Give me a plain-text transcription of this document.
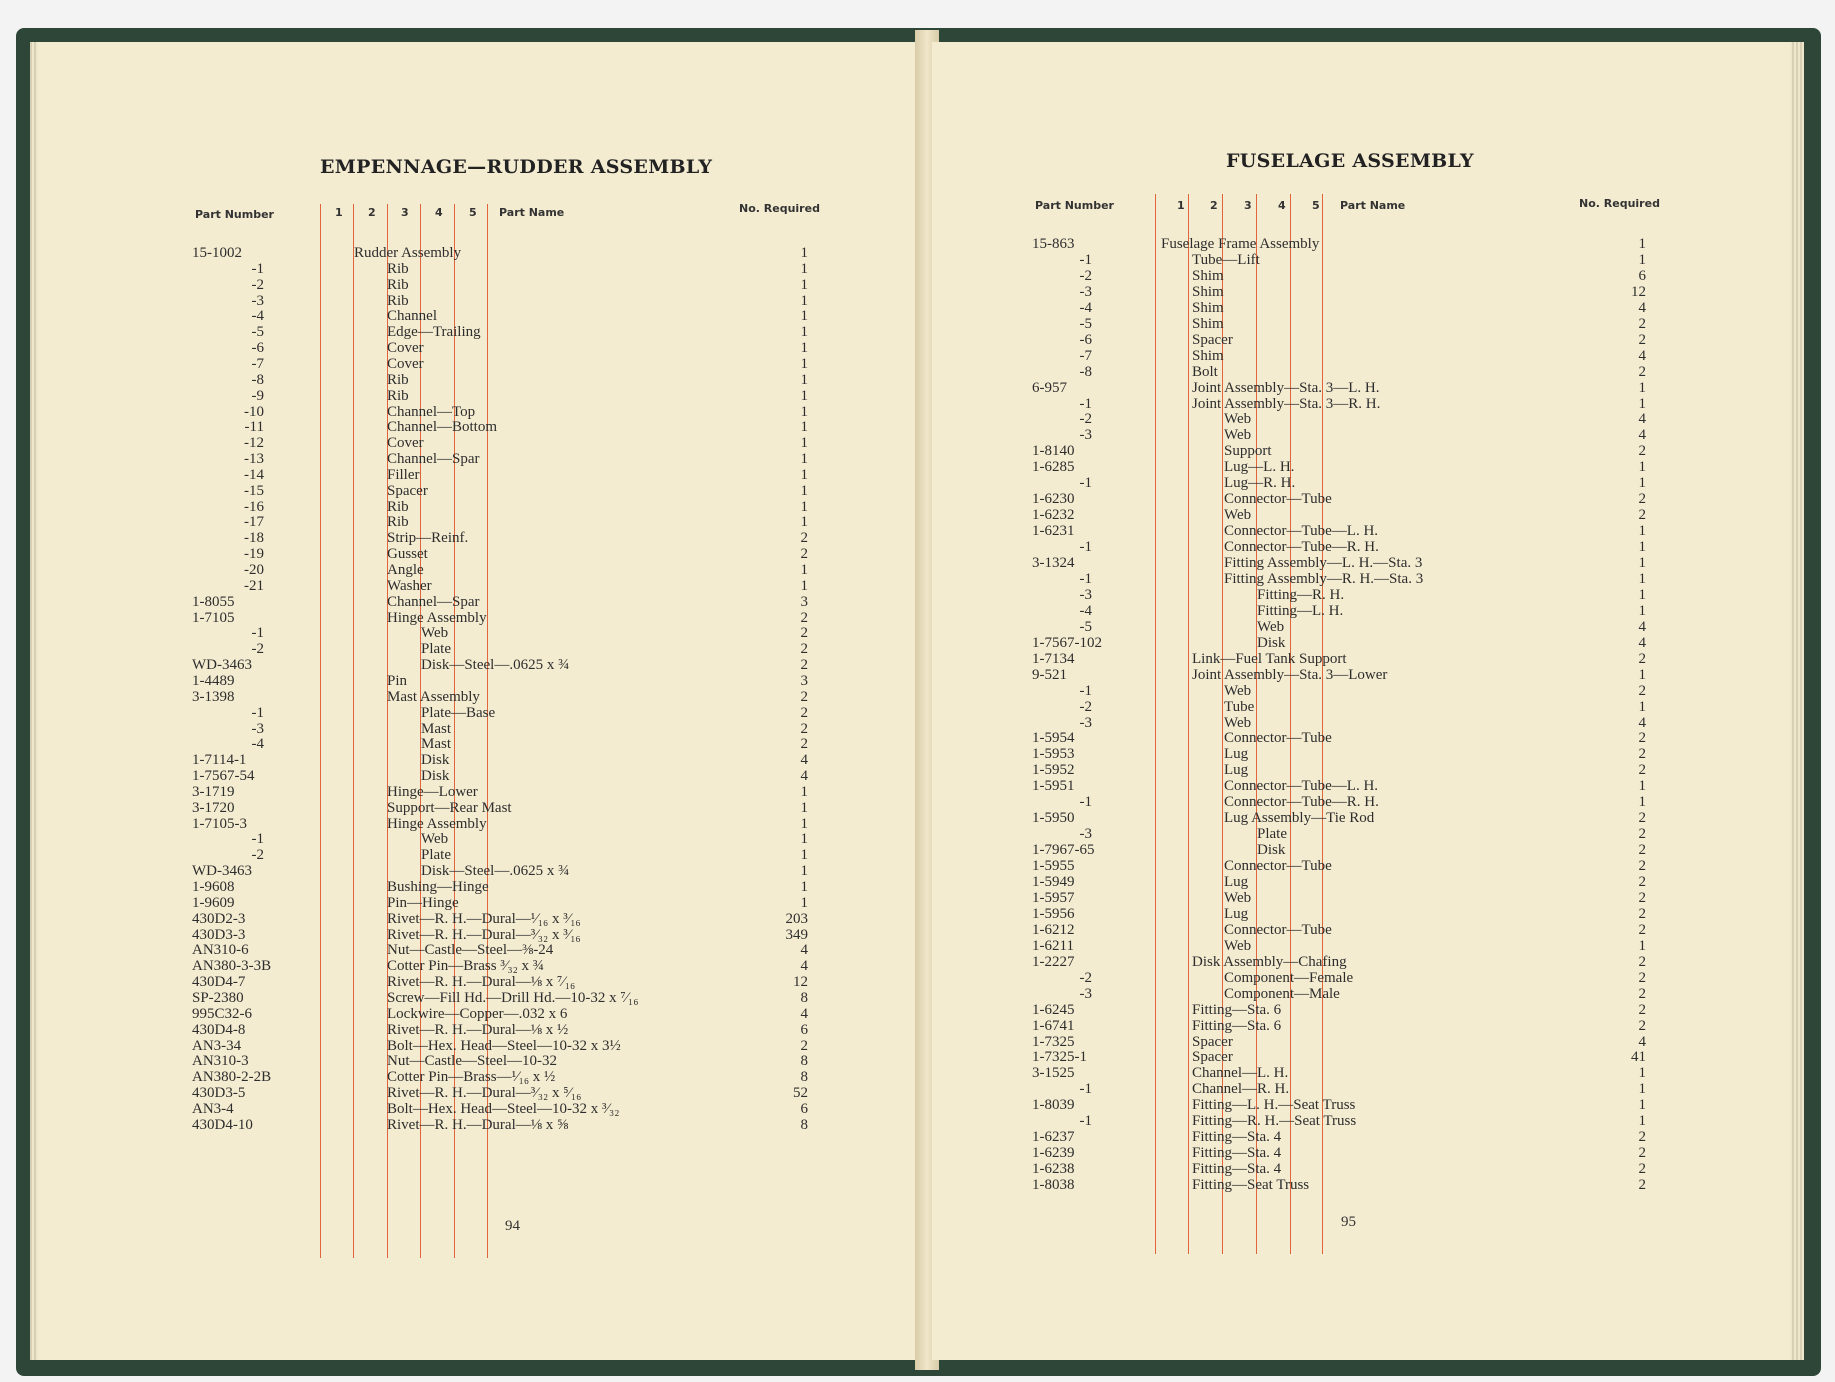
EMPENNAGE—RUDDER ASSEMBLY
Part Number	1 2 3 4 5 Part Name	No. Required
15-1002	Rudder Assembly	1
-1	Rib	1
-2	Rib	1
-3	Rib	1
-4	Channel	1
-5	Edge—Trailing	1
-6	Cover	1
-7	Cover	1
-8	Rib	1
-9	Rib	1
-10	Channel—Top	1
-11	Channel—Bottom	1
-12	Cover	1
-13	Channel—Spar	1
-14	Filler	1
-15	Spacer	1
-16	Rib	1
-17	Rib	1
-18	Strip—Reinf.	2
-19	Gusset	2
-20	Angle	1
-21	Washer	1
1-8055	Channel—Spar	3
1-7105	Hinge Assembly	2
-1	Web	2
-2	Plate	2
WD-3463	Disk—Steel—.0625 x ¾	2
1-4489	Pin	3
3-1398	Mast Assembly	2
-1	Plate—Base	2
-3	Mast	2
-4	Mast	2
1-7114-1	Disk	4
1-7567-54	Disk	4
3-1719	Hinge—Lower	1
3-1720	Support—Rear Mast	1
1-7105-3	Hinge Assembly	1
-1	Web	1
-2	Plate	1
WD-3463	Disk—Steel—.0625 x ¾	1
1-9608	Bushing—Hinge	1
1-9609	Pin—Hinge	1
430D2-3	Rivet—R. H.—Dural—¹⁄₁₆ x ³⁄₁₆	203
430D3-3	Rivet—R. H.—Dural—³⁄₃₂ x ³⁄₁₆	349
AN310-6	Nut—Castle—Steel—⅜-24	4
AN380-3-3B	Cotter Pin—Brass ³⁄₃₂ x ¾	4
430D4-7	Rivet—R. H.—Dural—⅛ x ⁷⁄₁₆	12
SP-2380	Screw—Fill Hd.—Drill Hd.—10-32 x ⁷⁄₁₆	8
995C32-6	Lockwire—Copper—.032 x 6	4
430D4-8	Rivet—R. H.—Dural—⅛ x ½	6
AN3-34	Bolt—Hex. Head—Steel—10-32 x 3½	2
AN310-3	Nut—Castle—Steel—10-32	8
AN380-2-2B	Cotter Pin—Brass—¹⁄₁₆ x ½	8
430D3-5	Rivet—R. H.—Dural—³⁄₃₂ x ⁵⁄₁₆	52
AN3-4	Bolt—Hex. Head—Steel—10-32 x ³⁄₃₂	6
430D4-10	Rivet—R. H.—Dural—⅛ x ⅝	8
94
FUSELAGE ASSEMBLY
Part Number	1 2 3 4 5 Part Name	No. Required
15-863	Fuselage Frame Assembly	1
-1	Tube—Lift	1
-2	Shim	6
-3	Shim	12
-4	Shim	4
-5	Shim	2
-6	Spacer	2
-7	Shim	4
-8	Bolt	2
6-957	Joint Assembly—Sta. 3—L. H.	1
-1	Joint Assembly—Sta. 3—R. H.	1
-2	Web	4
-3	Web	4
1-8140	Support	2
1-6285	Lug—L. H.	1
-1	Lug—R. H.	1
1-6230	Connector—Tube	2
1-6232	Web	2
1-6231	Connector—Tube—L. H.	1
-1	Connector—Tube—R. H.	1
3-1324	Fitting Assembly—L. H.—Sta. 3	1
-1	Fitting Assembly—R. H.—Sta. 3	1
-3	Fitting—R. H.	1
-4	Fitting—L. H.	1
-5	Web	4
1-7567-102	Disk	4
1-7134	Link—Fuel Tank Support	2
9-521	Joint Assembly—Sta. 3—Lower	1
-1	Web	2
-2	Tube	1
-3	Web	4
1-5954	Connector—Tube	2
1-5953	Lug	2
1-5952	Lug	2
1-5951	Connector—Tube—L. H.	1
-1	Connector—Tube—R. H.	1
1-5950	Lug Assembly—Tie Rod	2
-3	Plate	2
1-7967-65	Disk	2
1-5955	Connector—Tube	2
1-5949	Lug	2
1-5957	Web	2
1-5956	Lug	2
1-6212	Connector—Tube	2
1-6211	Web	1
1-2227	Disk Assembly—Chafing	2
-2	Component—Female	2
-3	Component—Male	2
1-6245	Fitting—Sta. 6	2
1-6741	Fitting—Sta. 6	2
1-7325	Spacer	4
1-7325-1	Spacer	41
3-1525	Channel—L. H.	1
-1	Channel—R. H.	1
1-8039	Fitting—L. H.—Seat Truss	1
-1	Fitting—R. H.—Seat Truss	1
1-6237	Fitting—Sta. 4	2
1-6239	Fitting—Sta. 4	2
1-6238	Fitting—Sta. 4	2
1-8038	Fitting—Seat Truss	2
95
